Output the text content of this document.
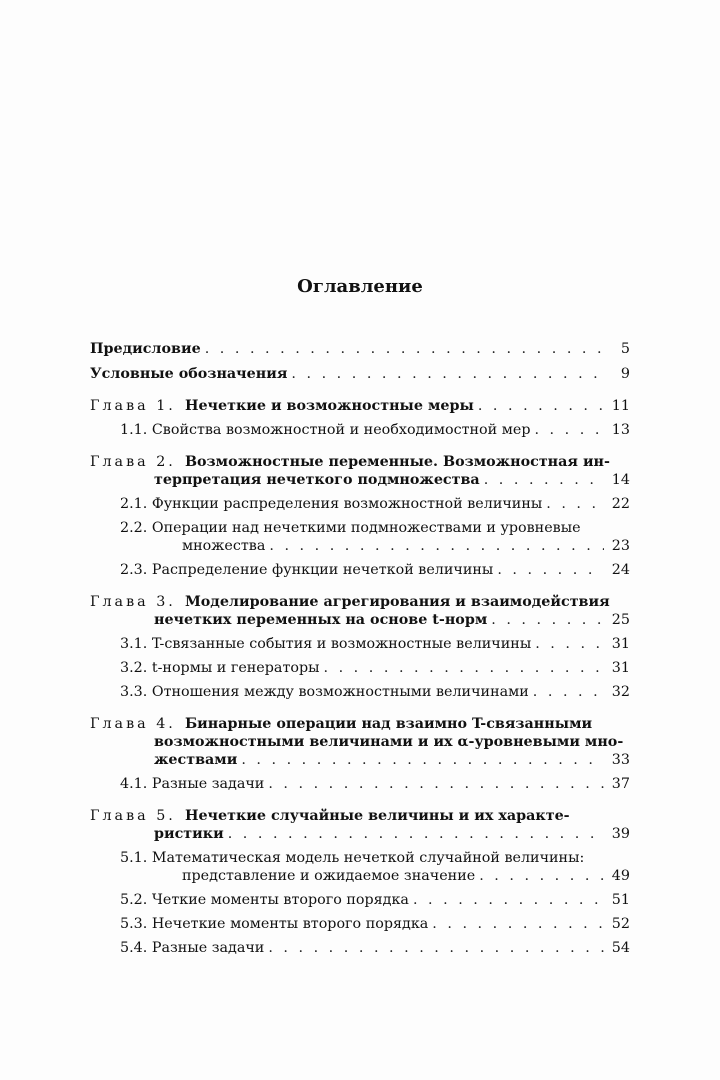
Оглавление
Предисловие . . .	5
Условные обозначения . . .	9
Глава 1. Нечеткие и возможностные меры . . .	11
1.1. Свойства возможностной и необходимостной мер . . .	13
Глава 2. Возможностные переменные. Возможностная ин-
терпретация нечеткого подмножества . . .	14
2.1. Функции распределения возможностной величины . . .	22
2.2. Операции над нечеткими подмножествами и уровневые
множества . . .	23
2.3. Распределение функции нечеткой величины . . .	24
Глава 3. Моделирование агрегирования и взаимодействия
нечетких переменных на основе t-норм . . .	25
3.1. T-связанные события и возможностные величины . . .	31
3.2. t-нормы и генераторы . . .	31
3.3. Отношения между возможностными величинами . . .	32
Глава 4. Бинарные операции над взаимно T-связанными
возможностными величинами и их α-уровневыми мно-
жествами . . .	33
4.1. Разные задачи . . .	37
Глава 5. Нечеткие случайные величины и их характе-
ристики . . .	39
5.1. Математическая модель нечеткой случайной величины:
представление и ожидаемое значение . . .	49
5.2. Четкие моменты второго порядка . . .	51
5.3. Нечеткие моменты второго порядка . . .	52
5.4. Разные задачи . . .	54
